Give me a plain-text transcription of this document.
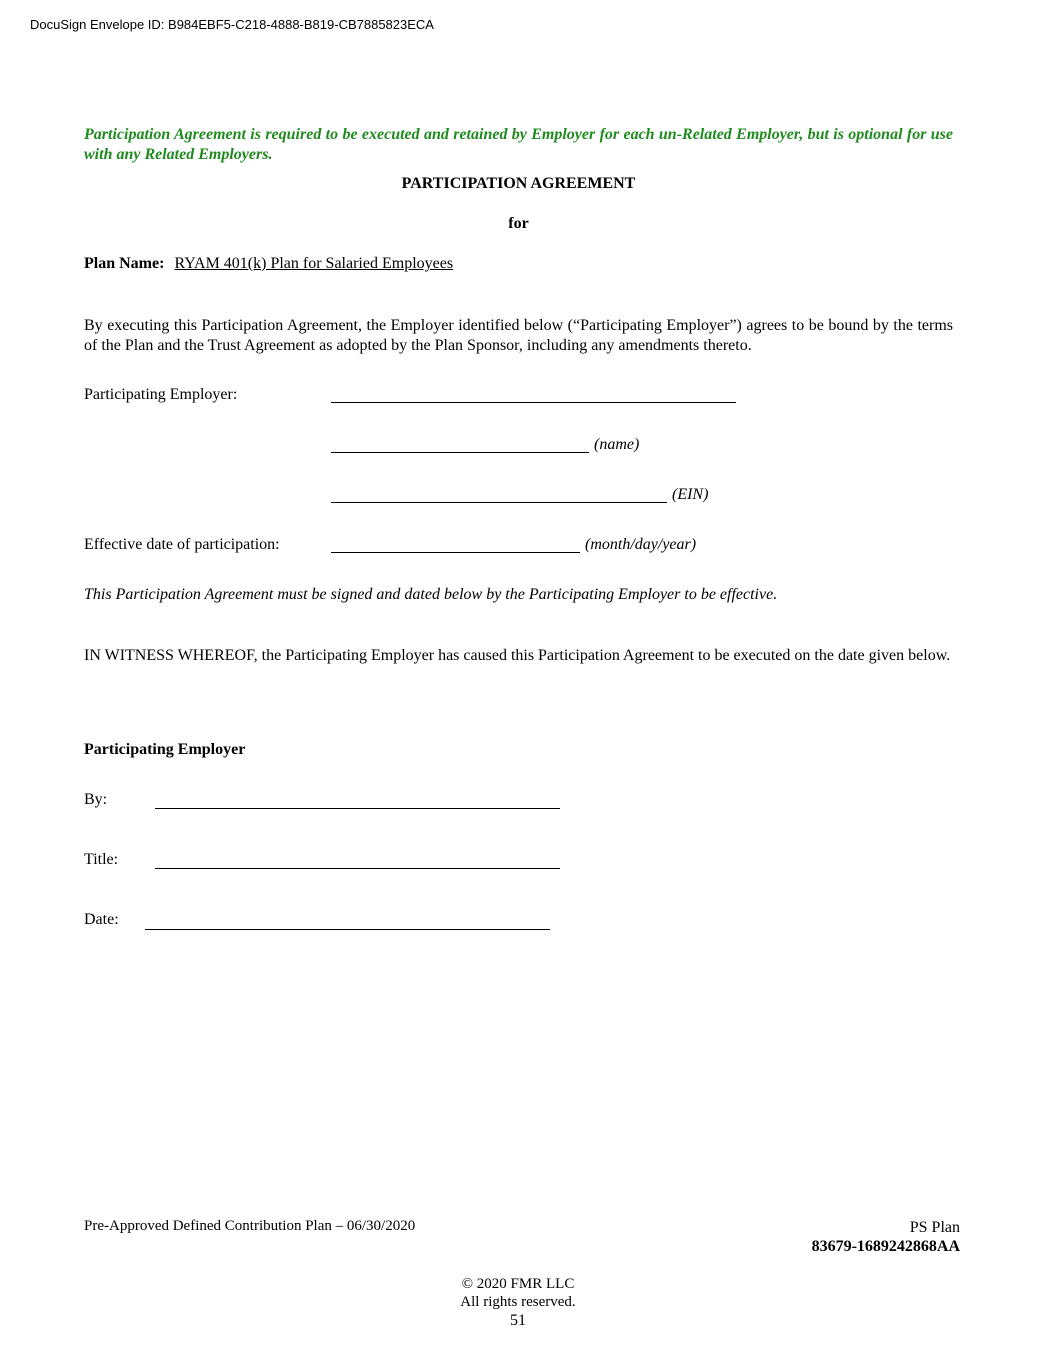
DocuSign Envelope ID: B984EBF5-C218-4888-B819-CB7885823ECA
Participation Agreement is required to be executed and retained by Employer for each un-Related Employer, but is optional for use with any Related Employers.
PARTICIPATION AGREEMENT
for
Plan Name: RYAM 401(k) Plan for Salaried Employees
By executing this Participation Agreement, the Employer identified below (“Participating Employer”) agrees to be bound by the terms of the Plan and the Trust Agreement as adopted by the Plan Sponsor, including any amendments thereto.
Participating Employer:
(name)
(EIN)
Effective date of participation:	(month/day/year)
This Participation Agreement must be signed and dated below by the Participating Employer to be effective.
IN WITNESS WHEREOF, the Participating Employer has caused this Participation Agreement to be executed on the date given below.
Participating Employer
By:
Title:
Date:
Pre-Approved Defined Contribution Plan – 06/30/2020	PS Plan
83679-1689242868AA
© 2020 FMR LLC
All rights reserved.
51
